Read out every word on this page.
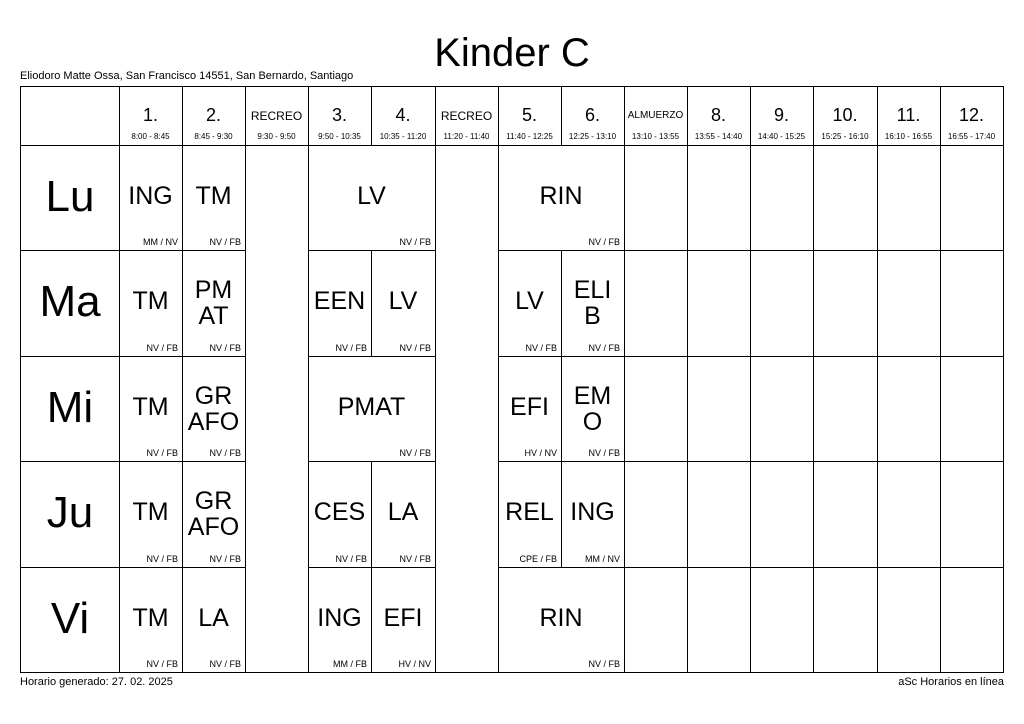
Kinder C
Eliodoro Matte Ossa, San Francisco 14551, San Bernardo, Santiago
1.
8:00 - 8:45
2.
8:45 - 9:30
RECREO
9:30 - 9:50
3.
9:50 - 10:35
4.
10:35 - 11:20
RECREO
11:20 - 11:40
5.
11:40 - 12:25
6.
12:25 - 13:10
ALMUERZO
13:10 - 13:55
8.
13:55 - 14:40
9.
14:40 - 15:25
10.
15:25 - 16:10
11.
16:10 - 16:55
12.
16:55 - 17:40
Lu
Ma
Mi
Ju
Vi
ING
MM / NV
TM
NV / FB
LV
NV / FB
RIN
NV / FB
TM
NV / FB
PM
AT
NV / FB
EEN
NV / FB
LV
NV / FB
LV
NV / FB
ELI
B
NV / FB
TM
NV / FB
GR
AFO
NV / FB
PMAT
NV / FB
EFI
HV / NV
EM
O
NV / FB
TM
NV / FB
GR
AFO
NV / FB
CES
NV / FB
LA
NV / FB
REL
CPE / FB
ING
MM / NV
TM
NV / FB
LA
NV / FB
ING
MM / FB
EFI
HV / NV
RIN
NV / FB
Horario generado: 27. 02. 2025	aSc Horarios en línea
